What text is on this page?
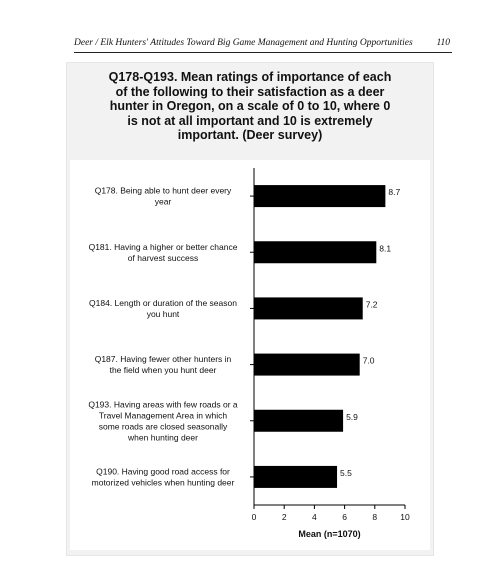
Deer / Elk Hunters' Attitudes Toward Big Game Management and Hunting Opportunities	110
Q178-Q193. Mean ratings of importance of each
of the following to their satisfaction as a deer
hunter in Oregon, on a scale of 0 to 10, where 0
is not at all important and 10 is extremely
important. (Deer survey)
8.7
Q178. Being able to hunt deer every
year
8.1
Q181. Having a higher or better chance
of harvest success
7.2
Q184. Length or duration of the season
you hunt
7.0
Q187. Having fewer other hunters in
the field when you hunt deer
5.9
Q193. Having areas with few roads or a
Travel Management Area in which
some roads are closed seasonally
when hunting deer
5.5
Q190. Having good road access for
motorized vehicles when hunting deer
0	2	4	6	8	10
Mean (n=1070)
